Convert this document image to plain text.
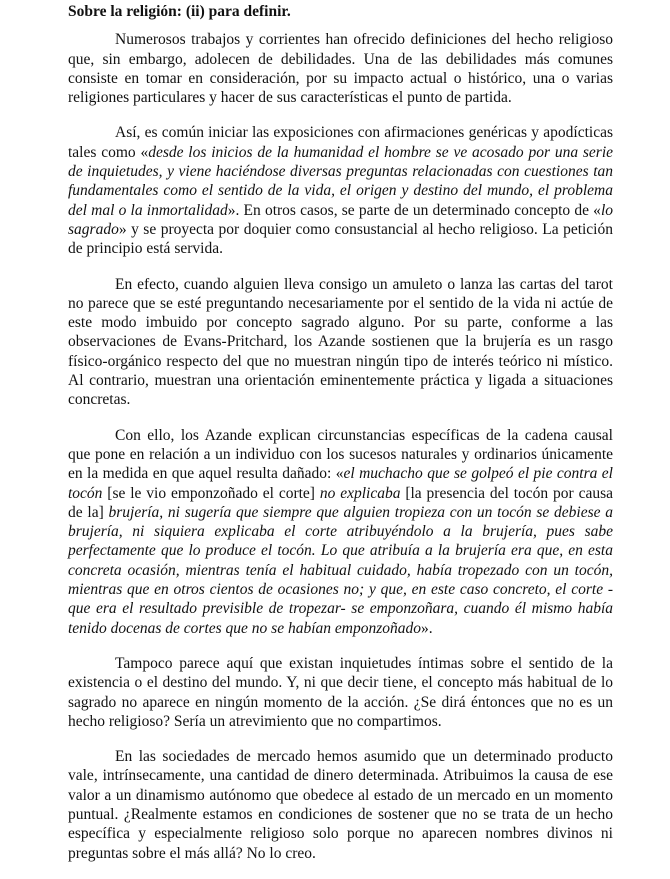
Sobre la religión: (ii) para definir.

Numerosos trabajos y corrientes han ofrecido definiciones del hecho religioso que, sin embargo, adolecen de debilidades. Una de las debilidades más comunes consiste en tomar en consideración, por su impacto actual o histórico, una o varias religiones particulares y hacer de sus características el punto de partida.

Así, es común iniciar las exposiciones con afirmaciones genéricas y apodícticas tales como «desde los inicios de la humanidad el hombre se ve acosado por una serie de inquietudes, y viene haciéndose diversas preguntas relacionadas con cuestiones tan fundamentales como el sentido de la vida, el origen y destino del mundo, el problema del mal o la inmortalidad». En otros casos, se parte de un determinado concepto de «lo sagrado» y se proyecta por doquier como consustancial al hecho religioso. La petición de principio está servida.

En efecto, cuando alguien lleva consigo un amuleto o lanza las cartas del tarot no parece que se esté preguntando necesariamente por el sentido de la vida ni actúe de este modo imbuido por concepto sagrado alguno. Por su parte, conforme a las observaciones de Evans-Pritchard, los Azande sostienen que la brujería es un rasgo físico-orgánico respecto del que no muestran ningún tipo de interés teórico ni místico. Al contrario, muestran una orientación eminentemente práctica y ligada a situaciones concretas.

Con ello, los Azande explican circunstancias específicas de la cadena causal que pone en relación a un individuo con los sucesos naturales y ordinarios únicamente en la medida en que aquel resulta dañado: «el muchacho que se golpeó el pie contra el tocón [se le vio emponzoñado el corte] no explicaba [la presencia del tocón por causa de la] brujería, ni sugería que siempre que alguien tropieza con un tocón se debiese a brujería, ni siquiera explicaba el corte atribuyéndolo a la brujería, pues sabe perfectamente que lo produce el tocón. Lo que atribuía a la brujería era que, en esta concreta ocasión, mientras tenía el habitual cuidado, había tropezado con un tocón, mientras que en otros cientos de ocasiones no; y que, en este caso concreto, el corte -que era el resultado previsible de tropezar- se emponzoñara, cuando él mismo había tenido docenas de cortes que no se habían emponzoñado».

Tampoco parece aquí que existan inquietudes íntimas sobre el sentido de la existencia o el destino del mundo. Y, ni que decir tiene, el concepto más habitual de lo sagrado no aparece en ningún momento de la acción. ¿Se dirá éntonces que no es un hecho religioso? Sería un atrevimiento que no compartimos.

En las sociedades de mercado hemos asumido que un determinado producto vale, intrínsecamente, una cantidad de dinero determinada. Atribuimos la causa de ese valor a un dinamismo autónomo que obedece al estado de un mercado en un momento puntual. ¿Realmente estamos en condiciones de sostener que no se trata de un hecho específica y especialmente religioso solo porque no aparecen nombres divinos ni preguntas sobre el más allá? No lo creo.
